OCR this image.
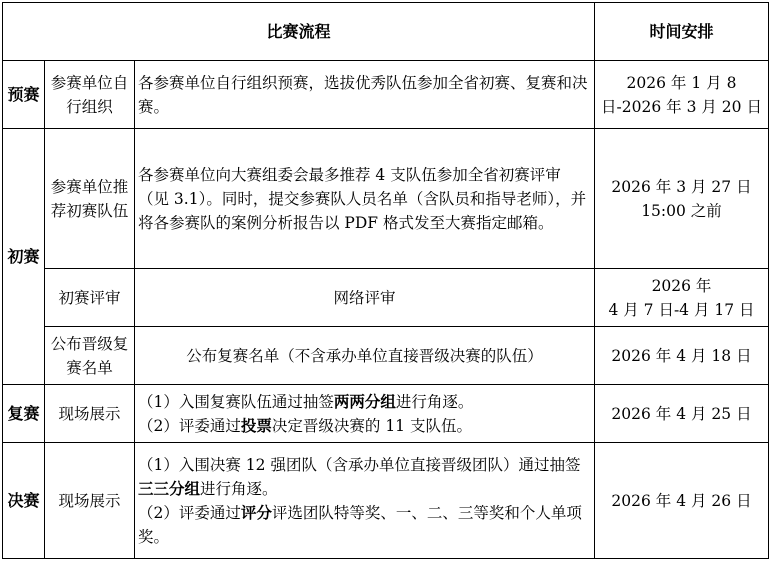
比赛流程			时间安排
预赛	参赛单位自行组织	各参赛单位自行组织预赛，选拔优秀队伍参加全省初赛、复赛和决赛。	2026 年 1 月 8 日-2026 年 3 月 20 日
初赛	参赛单位推荐初赛队伍	各参赛单位向大赛组委会最多推荐 4 支队伍参加全省初赛评审（见 3.1）。同时，提交参赛队人员名单（含队员和指导老师），并将各参赛队的案例分析报告以 PDF 格式发至大赛指定邮箱。	2026 年 3 月 27 日
15:00 之前

	初赛评审	网络评审	2026 年
4 月 7 日-4 月 17 日

	公布晋级复赛名单	公布复赛名单（不含承办单位直接晋级决赛的队伍）	2026 年 4 月 18 日
复赛	现场展示	（1）入围复赛队伍通过抽签两两分组进行角逐。
（2）评委通过投票决定晋级决赛的 11 支队伍。	2026 年 4 月 25 日
决赛	现场展示	（1）入围决赛 12 强团队（含承办单位直接晋级团队）通过抽签三三分组进行角逐。
（2）评委通过评分评选团队特等奖、一、二、三等奖和个人单项奖。	2026 年 4 月 26 日
